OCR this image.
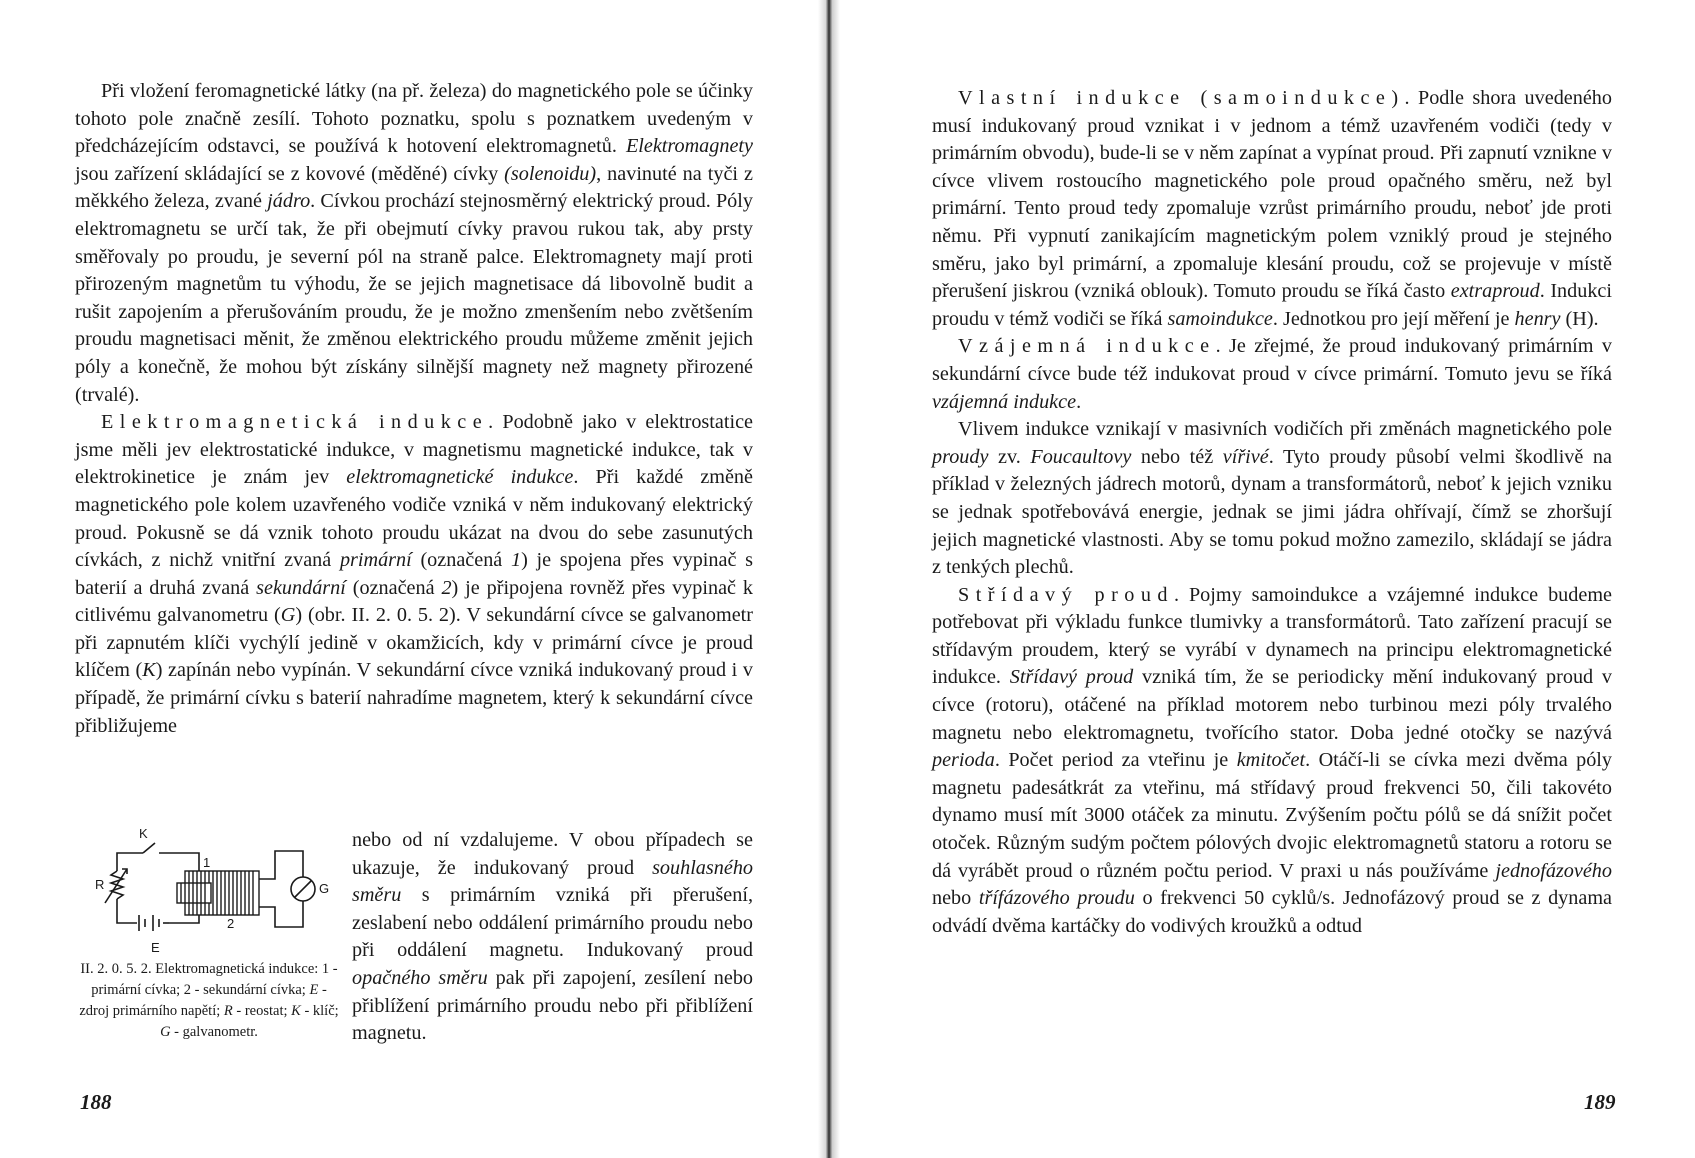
Při vložení feromagnetické látky (na př. železa) do magnetického pole se účinky tohoto pole značně zesílí. Tohoto poznatku, spolu s poznatkem uvedeným v předcházejícím odstavci, se používá k hotovení elektromagnetů. Elektromagnety jsou zařízení skládající se z kovové (měděné) cívky (solenoidu), navinuté na tyči z měkkého železa, zvané jádro. Cívkou prochází stejnosměrný elektrický proud. Póly elektromagnetu se určí tak, že při obejmutí cívky pravou rukou tak, aby prsty směřovaly po proudu, je severní pól na straně palce. Elektromagnety mají proti přirozeným magnetům tu výhodu, že se jejich magnetisace dá libovolně budit a rušit zapojením a přerušováním proudu, že je možno zmenšením nebo zvětšením proudu magnetisaci měnit, že změnou elektrického proudu můžeme změnit jejich póly a konečně, že mohou být získány silnější magnety než magnety přirozené (trvalé).

Elektromagnetická indukce. Podobně jako v elektrostatice jsme měli jev elektrostatické indukce, v magnetismu magnetické indukce, tak v elektrokinetice je znám jev elektromagnetické indukce. Při každé změně magnetického pole kolem uzavřeného vodiče vzniká v něm indukovaný elektrický proud. Pokusně se dá vznik tohoto proudu ukázat na dvou do sebe zasunutých cívkách, z nichž vnitřní zvaná primární (označená 1) je spojena přes vypinač s baterií a druhá zvaná sekundární (označená 2) je připojena rovněž přes vypinač k citlivému galvanometru (G) (obr. II. 2. 0. 5. 2). V sekundární cívce se galvanometr při zapnutém klíči vychýlí jedině v okamžicích, kdy v primární cívce je proud klíčem (K) zapínán nebo vypínán. V sekundární cívce vzniká indukovaný proud i v případě, že primární cívku s baterií nahradíme magnetem, který k sekundární cívce přibližujeme

K
R
E
G
1
2
II. 2. 0. 5. 2. Elektromagnetická indukce: 1 - primární cívka; 2 - sekundární cívka; E - zdroj primárního napětí; R - reostat; K - klíč; G - galvanometr.

nebo od ní vzdalujeme. V obou případech se ukazuje, že indukovaný proud souhlasného směru s primárním vzniká při přerušení, zeslabení nebo oddálení primárního proudu nebo při oddálení magnetu. Indukovaný proud opačného směru pak při zapojení, zesílení nebo přiblížení primárního proudu nebo při přiblížení magnetu.

188

Vlastní indukce (samoindukce). Podle shora uvedeného musí indukovaný proud vznikat i v jednom a témž uzavřeném vodiči (tedy v primárním obvodu), bude-li se v něm zapínat a vypínat proud. Při zapnutí vznikne v cívce vlivem rostoucího magnetického pole proud opačného směru, než byl primární. Tento proud tedy zpomaluje vzrůst primárního proudu, neboť jde proti němu. Při vypnutí zanikajícím magnetickým polem vzniklý proud je stejného směru, jako byl primární, a zpomaluje klesání proudu, což se projevuje v místě přerušení jiskrou (vzniká oblouk). Tomuto proudu se říká často extraproud. Indukci proudu v témž vodiči se říká samoindukce. Jednotkou pro její měření je henry (H).

Vzájemná indukce. Je zřejmé, že proud indukovaný primárním v sekundární cívce bude též indukovat proud v cívce primární. Tomuto jevu se říká vzájemná indukce.

Vlivem indukce vznikají v masivních vodičích při změnách magnetického pole proudy zv. Foucaultovy nebo též vířivé. Tyto proudy působí velmi škodlivě na příklad v železných jádrech motorů, dynam a transformátorů, neboť k jejich vzniku se jednak spotřebovává energie, jednak se jimi jádra ohřívají, čímž se zhoršují jejich magnetické vlastnosti. Aby se tomu pokud možno zamezilo, skládají se jádra z tenkých plechů.

Střídavý proud. Pojmy samoindukce a vzájemné indukce budeme potřebovat při výkladu funkce tlumivky a transformátorů. Tato zařízení pracují se střídavým proudem, který se vyrábí v dynamech na principu elektromagnetické indukce. Střídavý proud vzniká tím, že se periodicky mění indukovaný proud v cívce (rotoru), otáčené na příklad motorem nebo turbinou mezi póly trvalého magnetu nebo elektromagnetu, tvořícího stator. Doba jedné otočky se nazývá perioda. Počet period za vteřinu je kmitočet. Otáčí-li se cívka mezi dvěma póly magnetu padesátkrát za vteřinu, má střídavý proud frekvenci 50, čili takovéto dynamo musí mít 3000 otáček za minutu. Zvýšením počtu pólů se dá snížit počet otoček. Různým sudým počtem pólových dvojic elektromagnetů statoru a rotoru se dá vyrábět proud o různém počtu period. V praxi u nás používáme jednofázového nebo třífázového proudu o frekvenci 50 cyklů/s. Jednofázový proud se z dynama odvádí dvěma kartáčky do vodivých kroužků a odtud

189
